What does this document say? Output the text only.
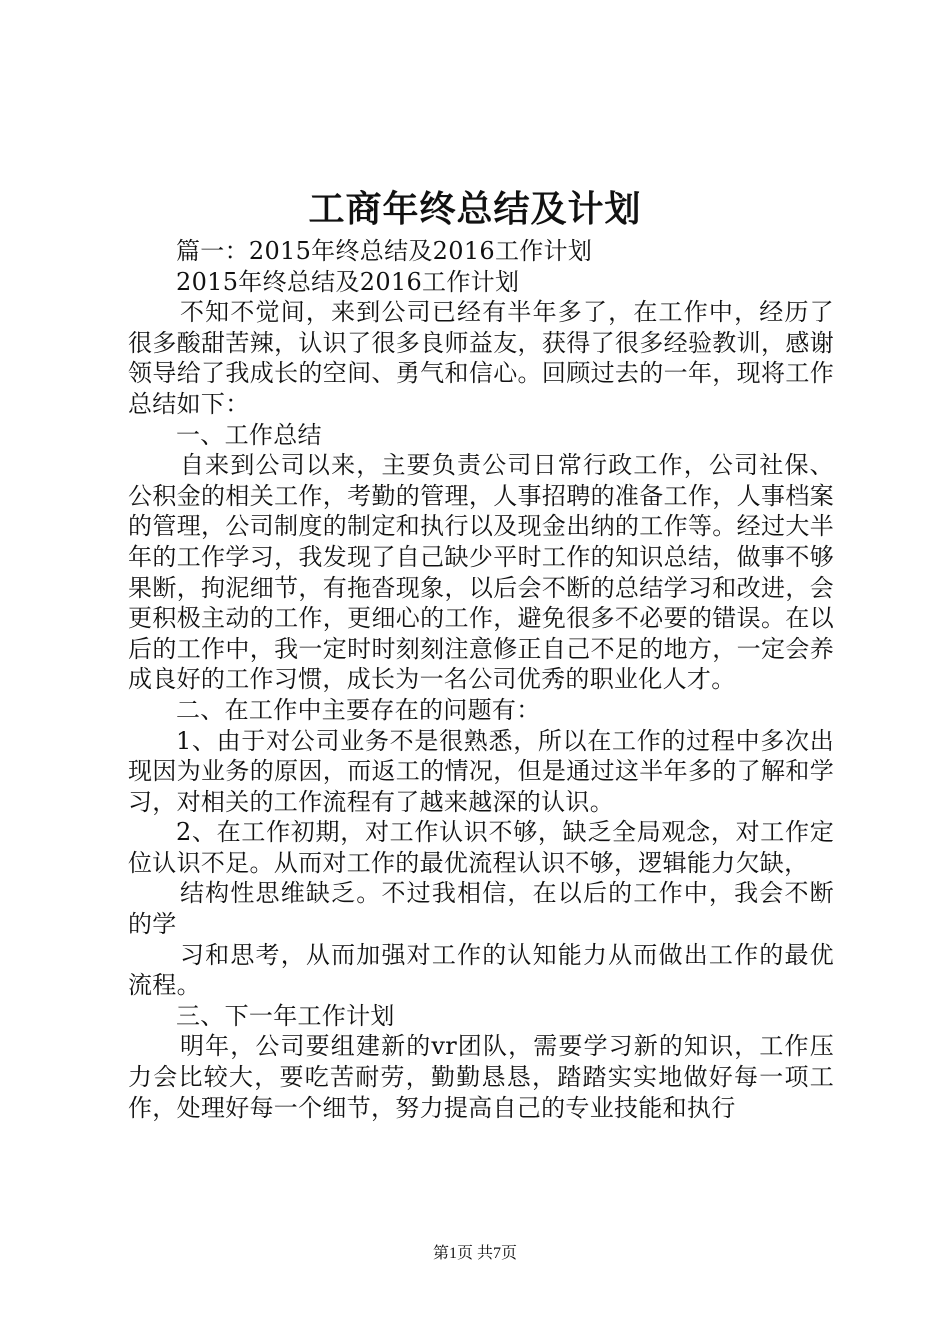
工商年终总结及计划

篇一：2015年终总结及2016工作计划

2015年终总结及2016工作计划

不知不觉间，来到公司已经有半年多了，在工作中，经历了很多酸甜苦辣，认识了很多良师益友，获得了很多经验教训，感谢领导给了我成长的空间、勇气和信心。回顾过去的一年，现将工作总结如下：

一、工作总结

自来到公司以来，主要负责公司日常行政工作，公司社保、公积金的相关工作，考勤的管理，人事招聘的准备工作，人事档案的管理，公司制度的制定和执行以及现金出纳的工作等。经过大半年的工作学习，我发现了自己缺少平时工作的知识总结，做事不够果断，拘泥细节，有拖沓现象，以后会不断的总结学习和改进，会更积极主动的工作，更细心的工作，避免很多不必要的错误。在以后的工作中，我一定时时刻刻注意修正自己不足的地方，一定会养成良好的工作习惯，成长为一名公司优秀的职业化人才。

二、在工作中主要存在的问题有：

1、由于对公司业务不是很熟悉，所以在工作的过程中多次出现因为业务的原因，而返工的情况，但是通过这半年多的了解和学习，对相关的工作流程有了越来越深的认识。

2、在工作初期，对工作认识不够，缺乏全局观念，对工作定位认识不足。从而对工作的最优流程认识不够，逻辑能力欠缺，

结构性思维缺乏。不过我相信，在以后的工作中，我会不断的学

习和思考，从而加强对工作的认知能力从而做出工作的最优流程。

三、下一年工作计划

明年，公司要组建新的vr团队，需要学习新的知识，工作压力会比较大，要吃苦耐劳，勤勤恳恳，踏踏实实地做好每一项工作，处理好每一个细节，努力提高自己的专业技能和执行

第1页 共7页
